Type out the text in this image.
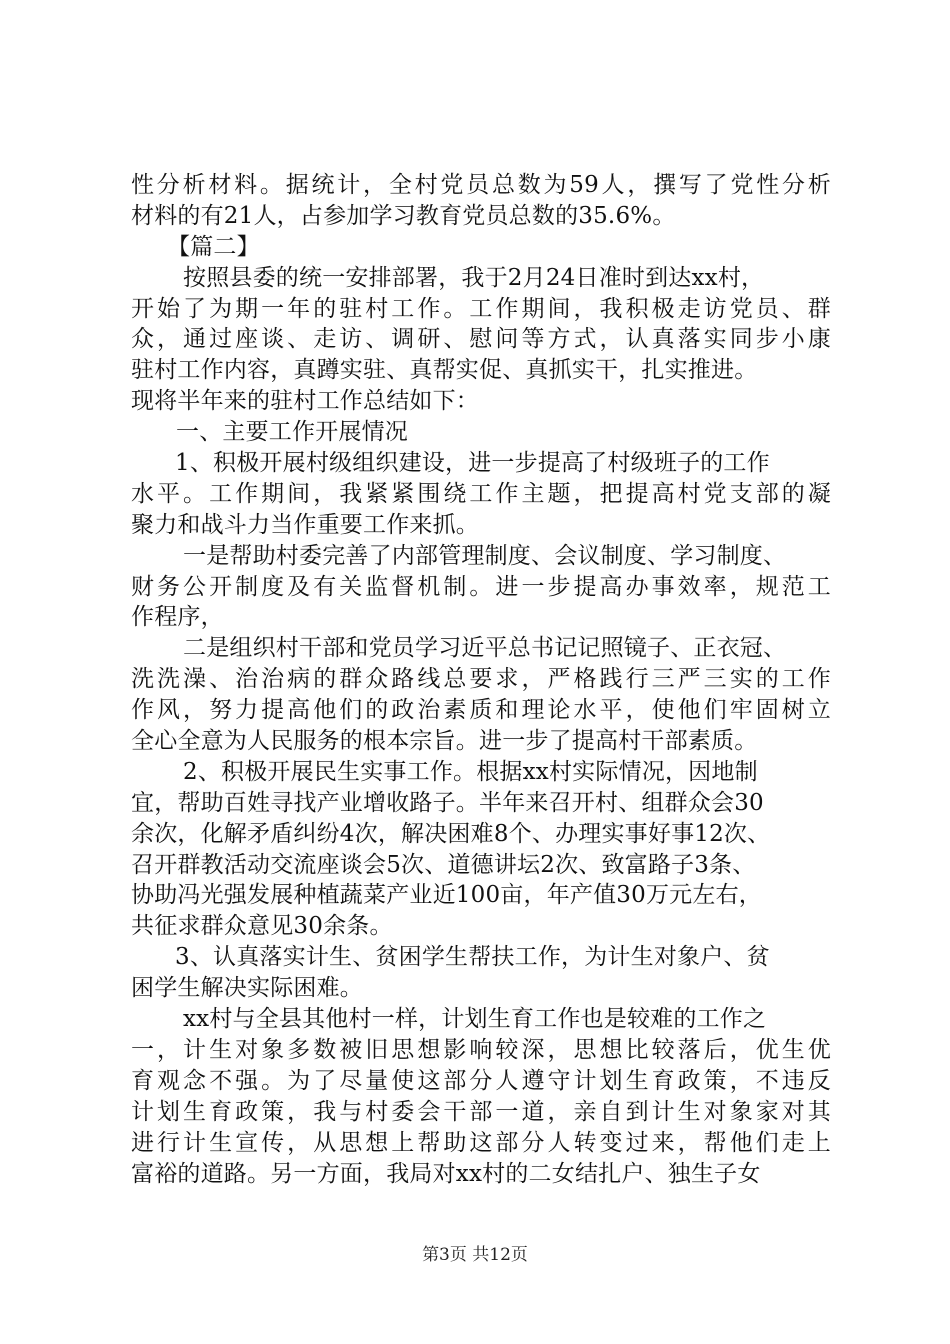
性分析材料。据统计，全村党员总数为59人，撰写了党性分析
材料的有21人，占参加学习教育党员总数的35.6%。
【篇二】
按照县委的统一安排部署，我于2月24日准时到达xx村，
开始了为期一年的驻村工作。工作期间，我积极走访党员、群
众，通过座谈、走访、调研、慰问等方式，认真落实同步小康
驻村工作内容，真蹲实驻、真帮实促、真抓实干，扎实推进。
现将半年来的驻村工作总结如下：
一、主要工作开展情况
1、积极开展村级组织建设，进一步提高了村级班子的工作
水平。工作期间，我紧紧围绕工作主题，把提高村党支部的凝
聚力和战斗力当作重要工作来抓。
一是帮助村委完善了内部管理制度、会议制度、学习制度、
财务公开制度及有关监督机制。进一步提高办事效率，规范工
作程序，
二是组织村干部和党员学习近平总书记记照镜子、正衣冠、
洗洗澡、治治病的群众路线总要求，严格践行三严三实的工作
作风，努力提高他们的政治素质和理论水平，使他们牢固树立
全心全意为人民服务的根本宗旨。进一步了提高村干部素质。
2、积极开展民生实事工作。根据xx村实际情况，因地制
宜，帮助百姓寻找产业增收路子。半年来召开村、组群众会30
余次，化解矛盾纠纷4次，解决困难8个、办理实事好事12次、
召开群教活动交流座谈会5次、道德讲坛2次、致富路子3条、
协助冯光强发展种植蔬菜产业近100亩，年产值30万元左右，
共征求群众意见30余条。
3、认真落实计生、贫困学生帮扶工作，为计生对象户、贫
困学生解决实际困难。
xx村与全县其他村一样，计划生育工作也是较难的工作之
一，计生对象多数被旧思想影响较深，思想比较落后，优生优
育观念不强。为了尽量使这部分人遵守计划生育政策，不违反
计划生育政策，我与村委会干部一道，亲自到计生对象家对其
进行计生宣传，从思想上帮助这部分人转变过来，帮他们走上
富裕的道路。另一方面，我局对xx村的二女结扎户、独生子女
第3页 共12页
